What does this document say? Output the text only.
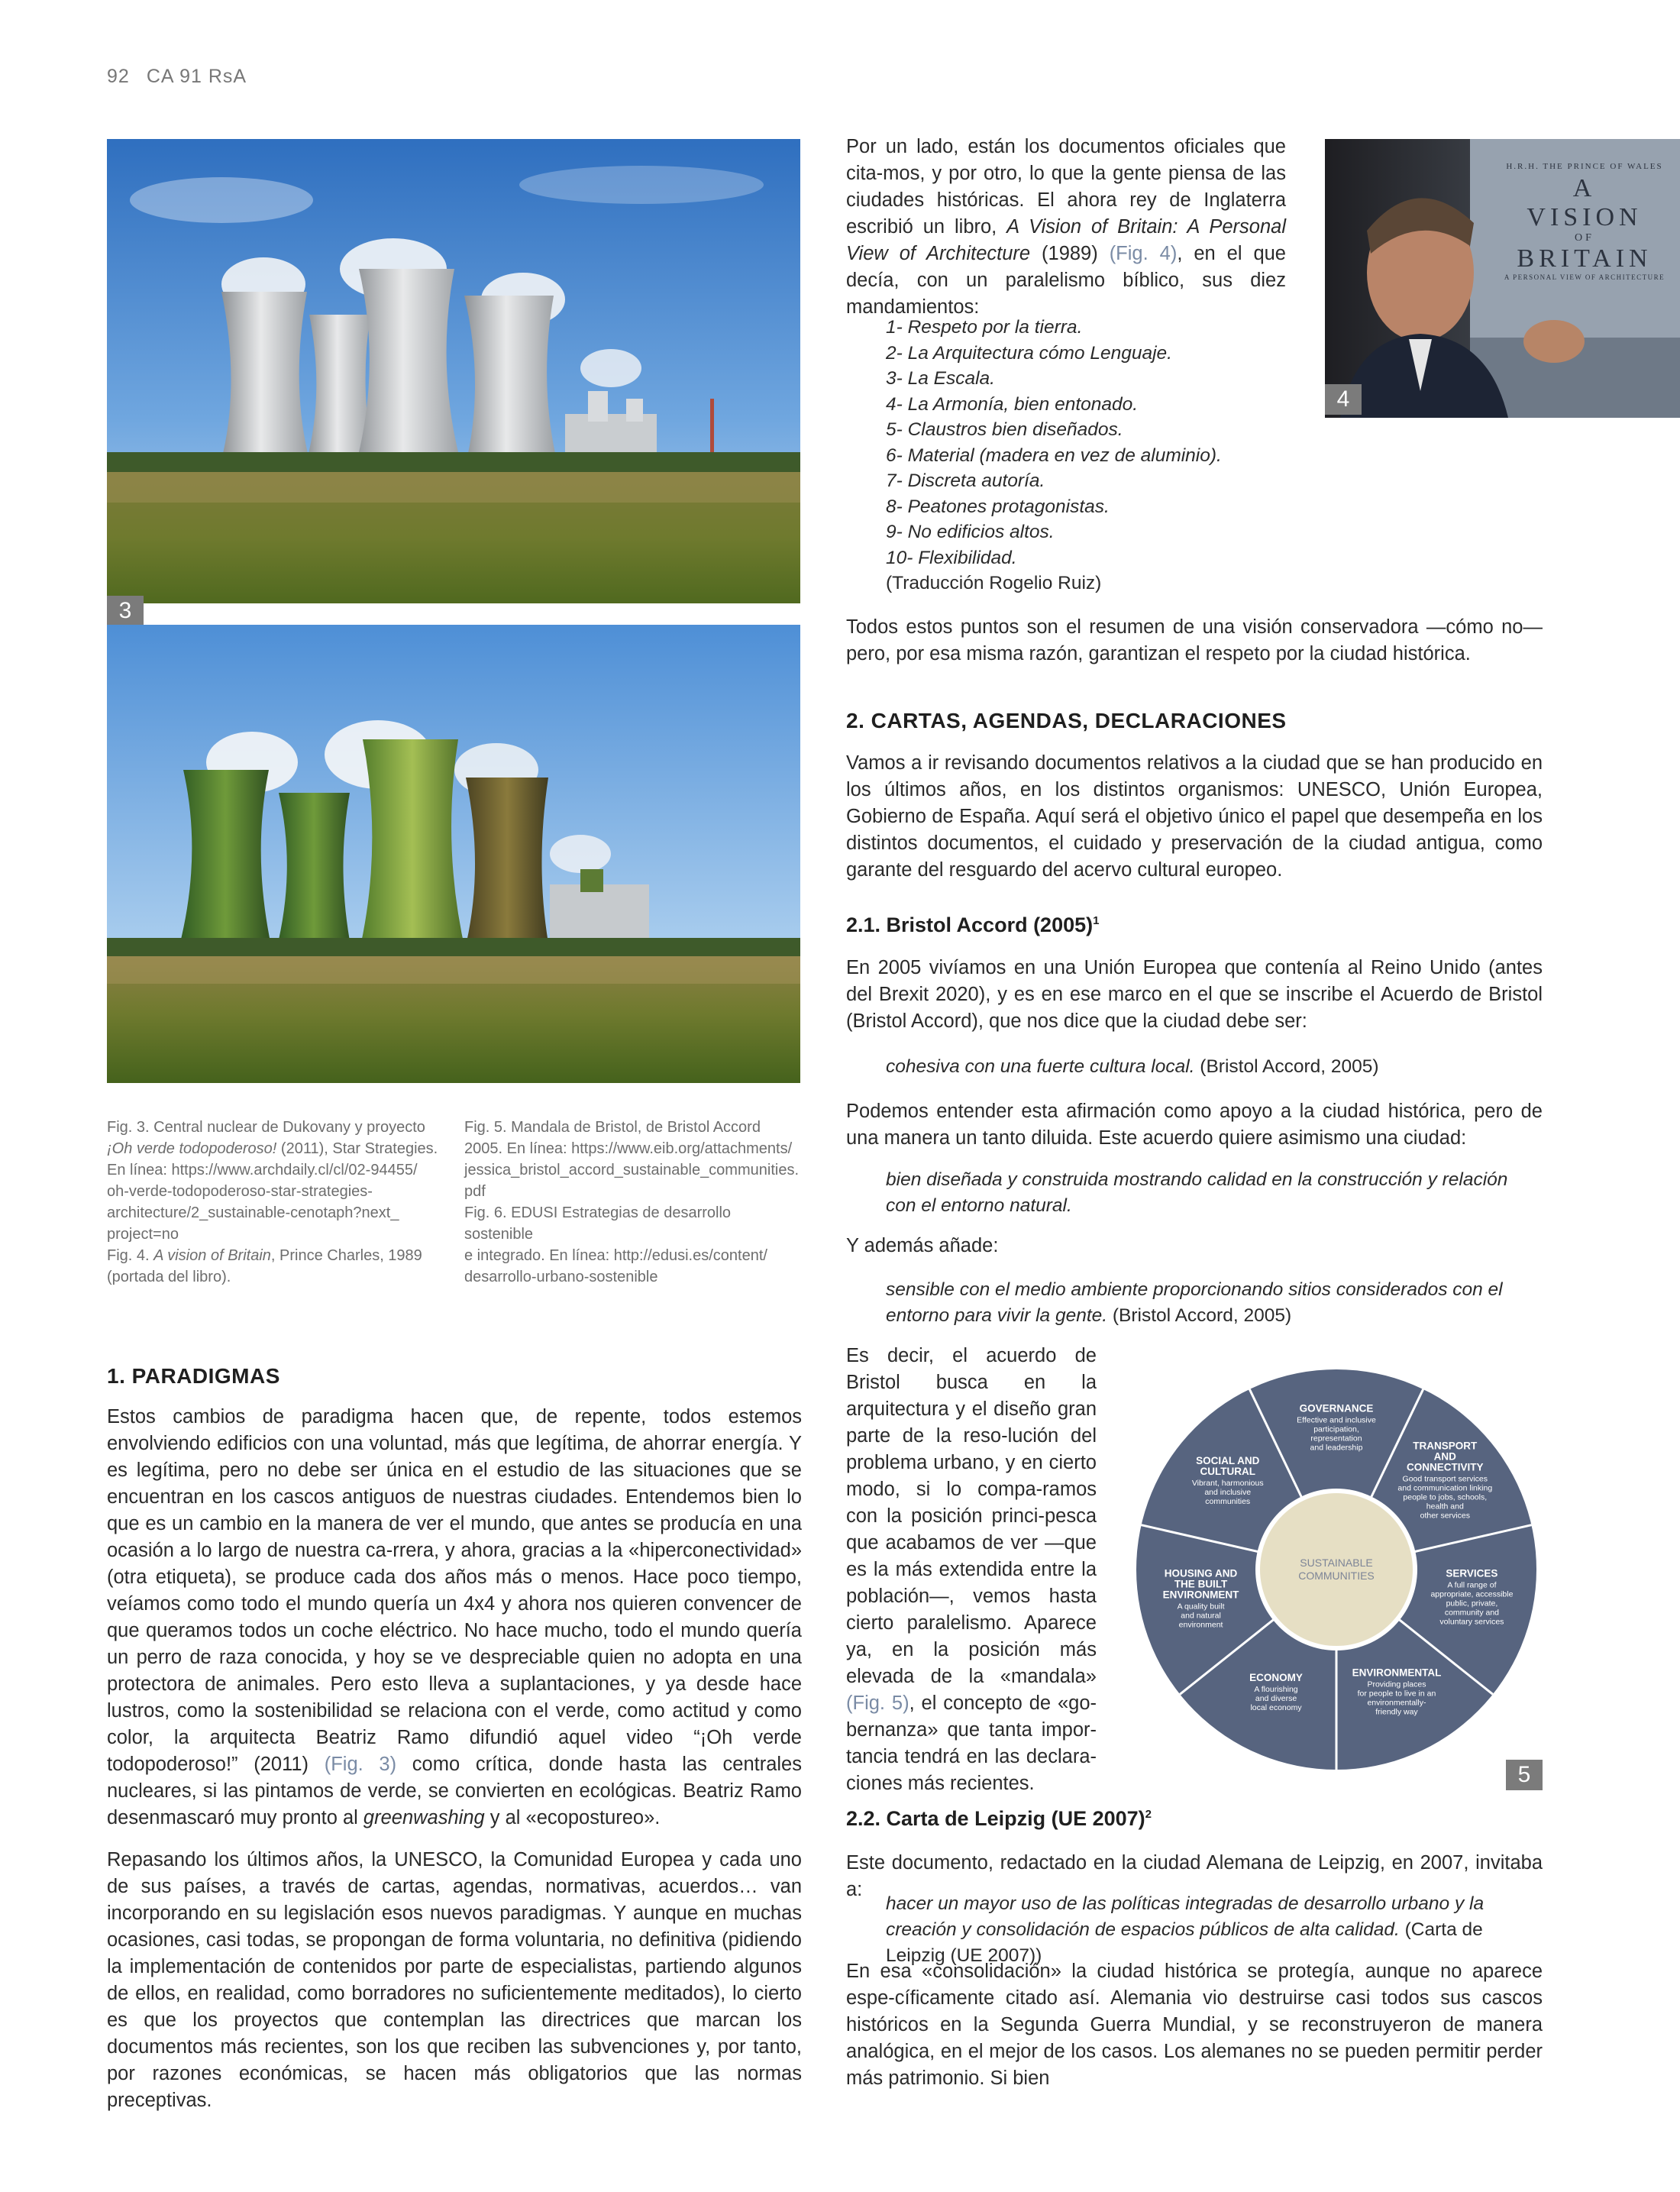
92 CA 91 RsA
3
H.R.H. THE PRINCE OF WALES
A
VISION
OF
BRITAIN
A PERSONAL VIEW OF ARCHITECTURE
4

Fig. 3. Central nuclear de Dukovany y proyecto

¡Oh verde todopoderoso! (2011), Star Strategies.

En línea: https://www.archdaily.cl/cl/02-94455/

oh-verde-todopoderoso-star-strategies-

architecture/2_sustainable-cenotaph?next_

project=no

Fig. 4. A vision of Britain, Prince Charles, 1989

(portada del libro).

Fig. 5. Mandala de Bristol, de Bristol Accord

2005. En línea: https://www.eib.org/attachments/

jessica_bristol_accord_sustainable_communities.

pdf

Fig. 6. EDUSI Estrategias de desarrollo sostenible

e integrado. En línea: http://edusi.es/content/

desarrollo-urbano-sostenible

1. PARADIGMAS

Estos cambios de paradigma hacen que, de repente, todos estemos envolviendo edificios con una voluntad, más que legítima, de ahorrar energía. Y es legítima, pero no debe ser única en el estudio de las situaciones que se encuentran en los cascos antiguos de nuestras ciudades. Entendemos bien lo que es un cambio en la manera de ver el mundo, que antes se producía en una ocasión a lo largo de nuestra ca-rrera, y ahora, gracias a la «hiperconectividad» (otra etiqueta), se produce cada dos años más o menos. Hace poco tiempo, veíamos como todo el mundo quería un 4x4 y ahora nos quieren convencer de que queramos todos un coche eléctrico. No hace mucho, todo el mundo quería un perro de raza conocida, y hoy se ve despreciable quien no adopta en una protectora de animales. Pero esto lleva a suplantaciones, y ya desde hace lustros, como la sostenibilidad se relaciona con el verde, como actitud y como color, la arquitecta Beatriz Ramo difundió aquel video “¡Oh verde todopoderoso!” (2011) (Fig. 3) como crítica, donde hasta las centrales nucleares, si las pintamos de verde, se convierten en ecológicas. Beatriz Ramo desenmascaró muy pronto al greenwashing y al «ecopostureo».

Repasando los últimos años, la UNESCO, la Comunidad Europea y cada uno de sus países, a través de cartas, agendas, normativas, acuerdos… van incorporando en su legislación esos nuevos paradigmas. Y aunque en muchas ocasiones, casi todas, se propongan de forma voluntaria, no definitiva (pidiendo la implementación de contenidos por parte de especialistas, partiendo algunos de ellos, en realidad, como borradores no suficientemente meditados), lo cierto es que los proyectos que contemplan las directrices que marcan los documentos más recientes, son los que reciben las subvenciones y, por tanto, por razones económicas, se hacen más obligatorios que las normas preceptivas.

Por un lado, están los documentos oficiales que cita-mos, y por otro, lo que la gente piensa de las ciudades históricas. El ahora rey de Inglaterra escribió un libro, A Vision of Britain: A Personal View of Architecture (1989) (Fig. 4), en el que decía, con un paralelismo bíblico, sus diez mandamientos:

1- Respeto por la tierra.
2- La Arquitectura cómo Lenguaje.
3- La Escala.
4- La Armonía, bien entonado.
5- Claustros bien diseñados.
6- Material (madera en vez de aluminio).
7- Discreta autoría.
8- Peatones protagonistas.
9- No edificios altos.
10- Flexibilidad.
(Traducción Rogelio Ruiz)

Todos estos puntos son el resumen de una visión conservadora —cómo no— pero, por esa misma razón, garantizan el respeto por la ciudad histórica.

2. CARTAS, AGENDAS, DECLARACIONES

Vamos a ir revisando documentos relativos a la ciudad que se han producido en los últimos años, en los distintos organismos: UNESCO, Unión Europea, Gobierno de España. Aquí será el objetivo único el papel que desempeña en los distintos documentos, el cuidado y preservación de la ciudad antigua, como garante del resguardo del acervo cultural europeo.

2.1. Bristol Accord $(2005)^1$

En 2005 vivíamos en una Unión Europea que contenía al Reino Unido (antes del Brexit 2020), y es en ese marco en el que se inscribe el Acuerdo de Bristol (Bristol Accord), que nos dice que la ciudad debe ser:

cohesiva con una fuerte cultura local. (Bristol Accord, 2005)

Podemos entender esta afirmación como apoyo a la ciudad histórica, pero de una manera un tanto diluida. Este acuerdo quiere asimismo una ciudad:

bien diseñada y construida mostrando calidad en la construcción y relación con el entorno natural.

Y además añade:

sensible con el medio ambiente proporcionando sitios considerados con el entorno para vivir la gente. (Bristol Accord, 2005)

Es decir, el acuerdo de Bristol busca en la arquitectura y el diseño gran parte de la reso-lución del problema urbano, y en cierto modo, si lo compa-ramos con la posición princi-pesca que acabamos de ver —que es la más extendida entre la población—, vemos hasta cierto paralelismo. Aparece ya, en la posición más elevada de la «mandala» (Fig. 5), el concepto de «go-bernanza» que tanta impor-tancia tendrá en las declara-ciones más recientes.

SUSTAINABLE
COMMUNITIES
GOVERNANCE
Effective and inclusive
participation,
representation
and leadership	TRANSPORT
AND
CONNECTIVITY
Good transport services
and communication linking
people to jobs, schools,
health and
other services
SERVICES
A full range of
appropriate, accessible
public, private,
community and
voluntary services
ENVIRONMENTAL
Providing places
for people to live in an
environmentally-
friendly way
ECONOMY
A flourishing
and diverse
local economy
HOUSING AND
THE BUILT
ENVIRONMENT
A quality built
and natural
environment
SOCIAL AND
CULTURAL
Vibrant, harmonious
and inclusive
communities
5
2.2. Carta de Leipzig (UE 2007)$^2$

Este documento, redactado en la ciudad Alemana de Leipzig, en 2007, invitaba a:

hacer un mayor uso de las políticas integradas de desarrollo urbano y la creación y consolidación de espacios públicos de alta calidad. (Carta de Leipzig (UE 2007))

En esa «consolidación» la ciudad histórica se protegía, aunque no aparece espe-cíficamente citado así. Alemania vio destruirse casi todos sus cascos históricos en la Segunda Guerra Mundial, y se reconstruyeron de manera analógica, en el mejor de los casos. Los alemanes no se pueden permitir perder más patrimonio. Si bien
